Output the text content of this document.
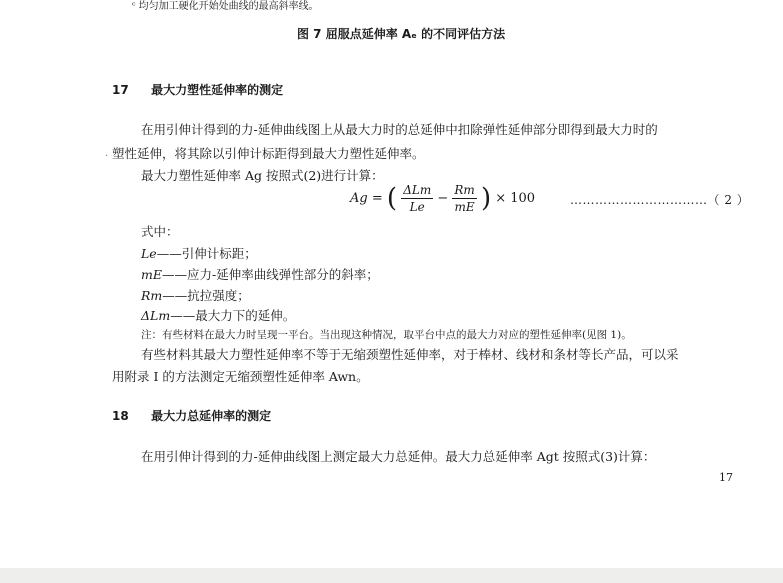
ᶜ 均匀加工硬化开始处曲线的最高斜率线。
图 7 屈服点延伸率 Aₑ 的不同评估方法
17 最大力塑性延伸率的测定
在用引伸计得到的力-延伸曲线图上从最大力时的总延伸中扣除弹性延伸部分即得到最大力时的
· 塑性延伸，将其除以引伸计标距得到最大力塑性延伸率。
最大力塑性延伸率 Ag 按照式(2)进行计算：
Ag = ( $\frac{\text{ΔLm}}{Le} - \frac{Rm}{mE}$ ) × 100	……………………………（ 2 ）
式中：
Le——引伸计标距；
mE——应力-延伸率曲线弹性部分的斜率；
Rm——抗拉强度；
ΔLm——最大力下的延伸。
注：有些材料在最大力时呈现一平台。当出现这种情况，取平台中点的最大力对应的塑性延伸率(见图 1)。
有些材料其最大力塑性延伸率不等于无缩颈塑性延伸率，对于棒材、线材和条材等长产品，可以采
用附录 I 的方法测定无缩颈塑性延伸率 Awn。
18 最大力总延伸率的测定
在用引伸计得到的力-延伸曲线图上测定最大力总延伸。最大力总延伸率 Agt 按照式(3)计算：
17
